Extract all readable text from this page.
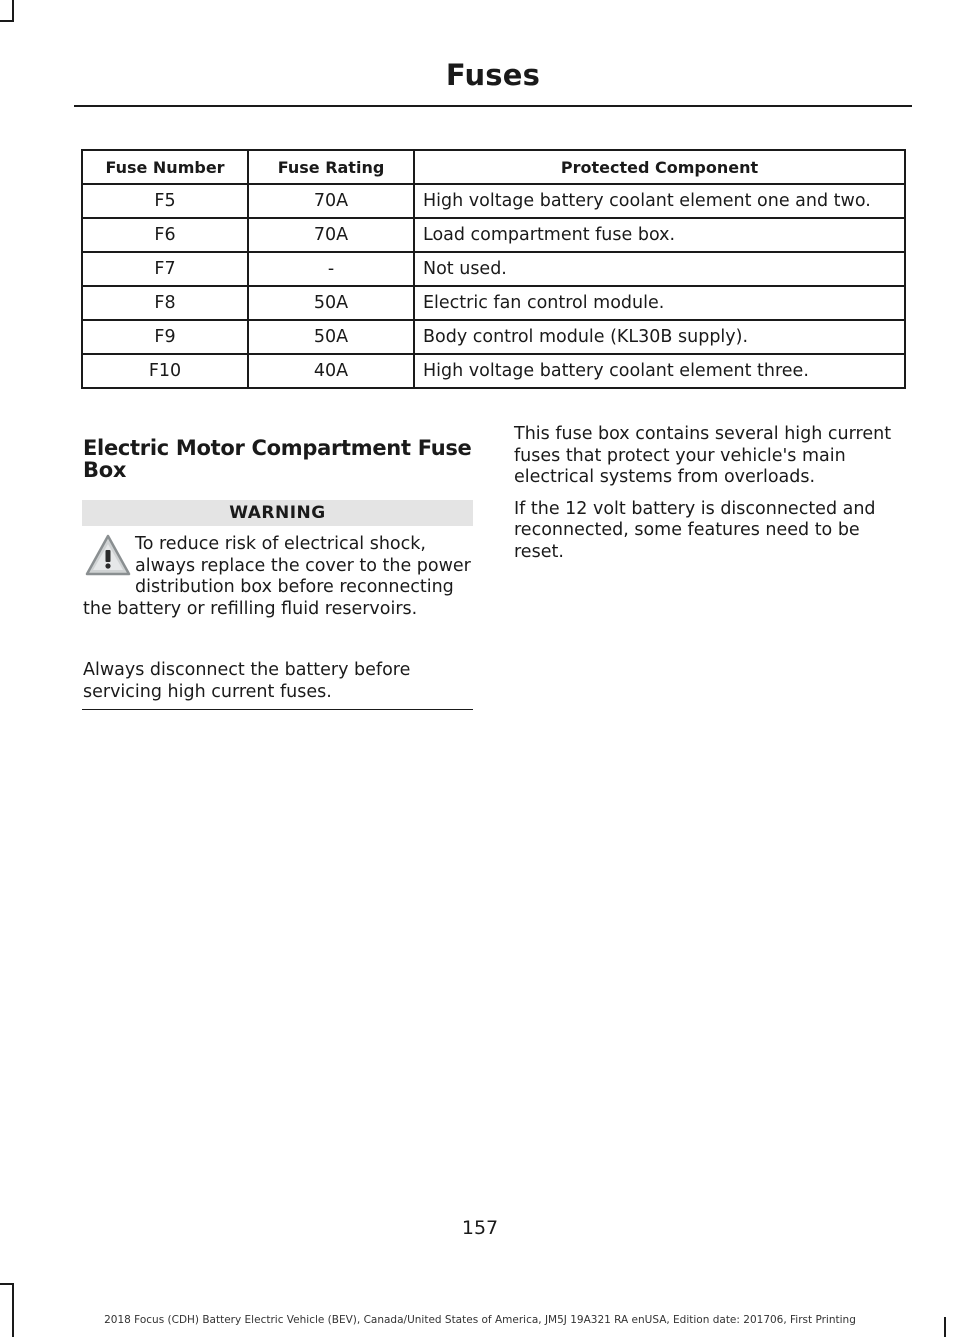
Fuses
Fuse Number	Fuse Rating	Protected Component
F5	70A	High voltage battery coolant element one and two.
F6	70A	Load compartment fuse box.
F7	-	Not used.
F8	50A	Electric fan control module.
F9	50A	Body control module (KL30B supply).
F10	40A	High voltage battery coolant element three.
Electric Motor Compartment Fuse Box
WARNING
To reduce risk of electrical shock, always replace the cover to the power distribution box before reconnecting the battery or refilling fluid reservoirs.
Always disconnect the battery before servicing high current fuses.

This fuse box contains several high current fuses that protect your vehicle's main electrical systems from overloads.

If the 12 volt battery is disconnected and reconnected, some features need to be reset.

157
2018 Focus (CDH) Battery Electric Vehicle (BEV), Canada/United States of America, JM5J 19A321 RA enUSA, Edition date: 201706, First Printing
